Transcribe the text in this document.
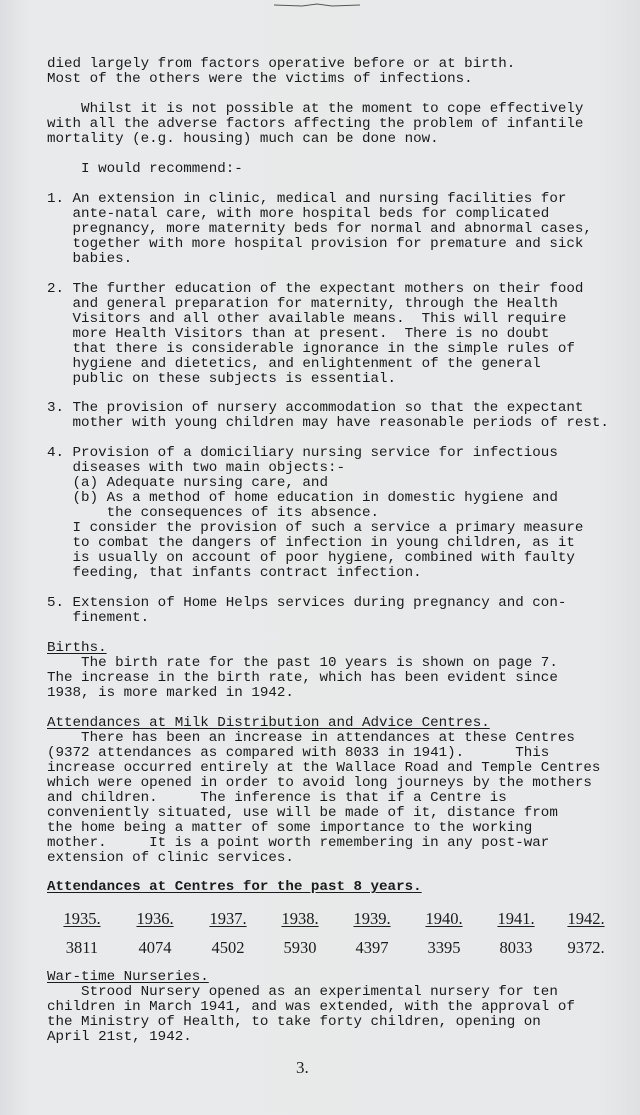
died largely from factors operative before or at birth.
Most of the others were the victims of infections.
Whilst it is not possible at the moment to cope effectively
with all the adverse factors affecting the problem of infantile
mortality (e.g. housing) much can be done now.
I would recommend:-
1. An extension in clinic, medical and nursing facilities for
ante-natal care, with more hospital beds for complicated
pregnancy, more maternity beds for normal and abnormal cases,
together with more hospital provision for premature and sick
babies.
2. The further education of the expectant mothers on their food
and general preparation for maternity, through the Health
Visitors and all other available means.  This will require
more Health Visitors than at present.  There is no doubt
that there is considerable ignorance in the simple rules of
hygiene and dietetics, and enlightenment of the general
public on these subjects is essential.
3. The provision of nursery accommodation so that the expectant
mother with young children may have reasonable periods of rest.
4. Provision of a domiciliary nursing service for infectious
diseases with two main objects:-
(a) Adequate nursing care, and
(b) As a method of home education in domestic hygiene and
the consequences of its absence.
I consider the provision of such a service a primary measure
to combat the dangers of infection in young children, as it
is usually on account of poor hygiene, combined with faulty
feeding, that infants contract infection.
5. Extension of Home Helps services during pregnancy and con-
finement.
Births.
The birth rate for the past 10 years is shown on page 7.
The increase in the birth rate, which has been evident since
1938, is more marked in 1942.
Attendances at Milk Distribution and Advice Centres.
There has been an increase in attendances at these Centres
(9372 attendances as compared with 8033 in 1941).      This
increase occurred entirely at the Wallace Road and Temple Centres
which were opened in order to avoid long journeys by the mothers
and children.     The inference is that if a Centre is
conveniently situated, use will be made of it, distance from
the home being a matter of some importance to the working
mother.     It is a point worth remembering in any post-war
extension of clinic services.
Attendances at Centres for the past 8 years.
1935.	1936.	1937.	1938.	1939.	1940.	1941.	1942.
3811	4074	4502	5930	4397	3395	8033	9372.
War-time Nurseries.
Strood Nursery opened as an experimental nursery for ten
children in March 1941, and was extended, with the approval of
the Ministry of Health, to take forty children, opening on
April 21st, 1942.
3.
